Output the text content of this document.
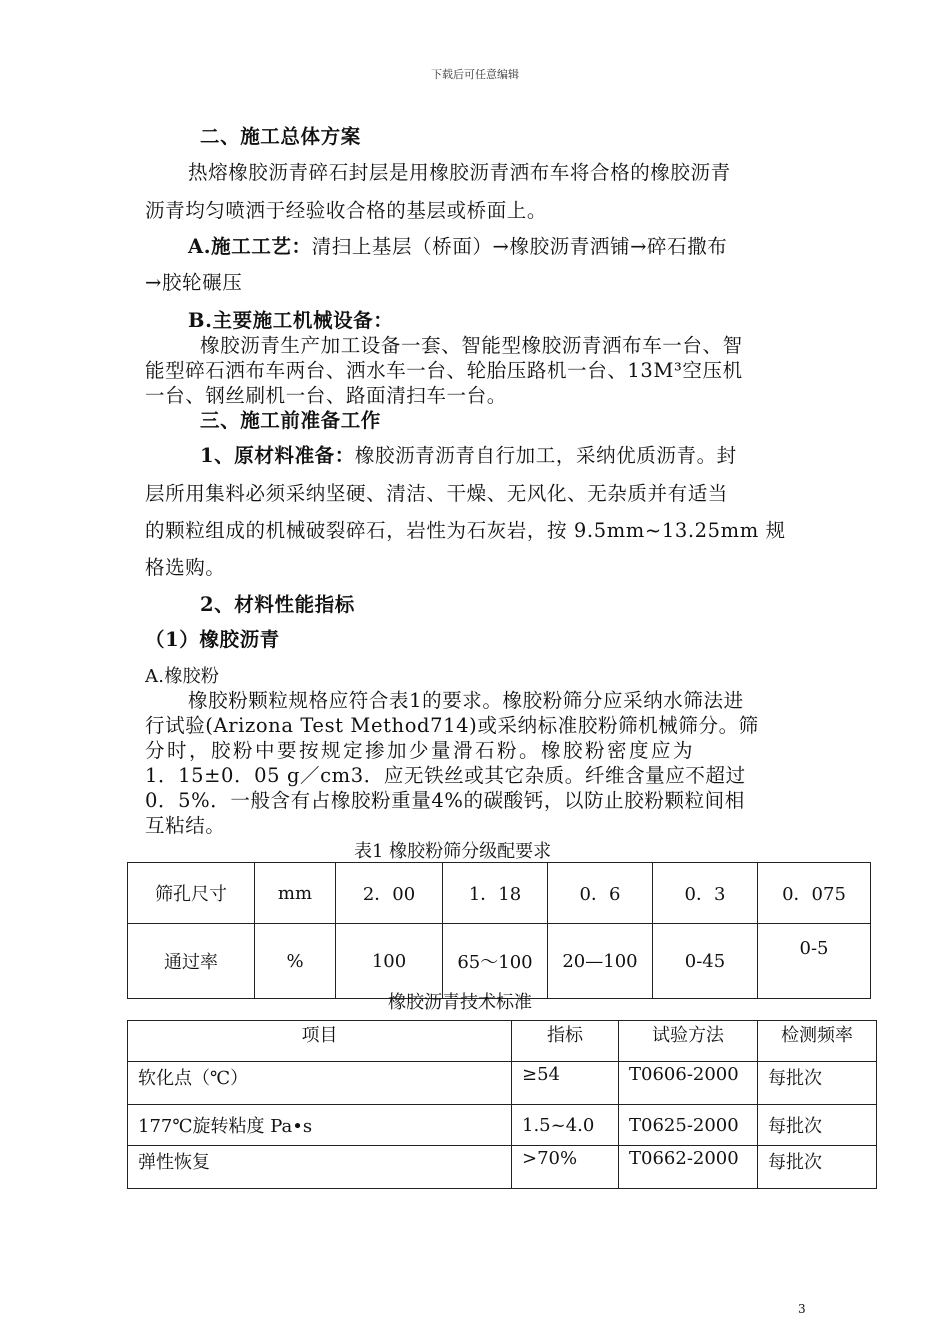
下载后可任意编辑
二、施工总体方案
热熔橡胶沥青碎石封层是用橡胶沥青洒布车将合格的橡胶沥青
沥青均匀喷洒于经验收合格的基层或桥面上。
A.施工工艺：清扫上基层（桥面）→橡胶沥青洒铺→碎石撒布
→胶轮碾压
B.主要施工机械设备：
橡胶沥青生产加工设备一套、智能型橡胶沥青洒布车一台、智
能型碎石洒布车两台、洒水车一台、轮胎压路机一台、13M³空压机
一台、钢丝刷机一台、路面清扫车一台。
三、施工前准备工作
1、原材料准备：橡胶沥青沥青自行加工，采纳优质沥青。封
层所用集料必须采纳坚硬、清洁、干燥、无风化、无杂质并有适当
的颗粒组成的机械破裂碎石，岩性为石灰岩，按 9.5mm~13.25mm 规
格选购。
2、材料性能指标
（1）橡胶沥青
A.橡胶粉
橡胶粉颗粒规格应符合表1的要求。橡胶粉筛分应采纳水筛法进
行试验(Arizona Test Method714)或采纳标准胶粉筛机械筛分。筛
分时，胶粉中要按规定掺加少量滑石粉。橡胶粉密度应为
1．15±0．05 g／cm3．应无铁丝或其它杂质。纤维含量应不超过
0．5%．一般含有占橡胶粉重量4%的碳酸钙，以防止胶粉颗粒间相
互粘结。
表1 橡胶粉筛分级配要求
筛孔尺寸	mm	2．00	1．18	0．6	0．3	0．075
通过率	%	100	65～100	20—100	0-45	0-5
橡胶沥青技术标准
项目	指标	试验方法	检测频率
软化点（℃）	≥54	T0606-2000	每批次
177℃旋转粘度 Pa•s	1.5~4.0	T0625-2000	每批次
弹性恢复	>70%	T0662-2000	每批次
3
